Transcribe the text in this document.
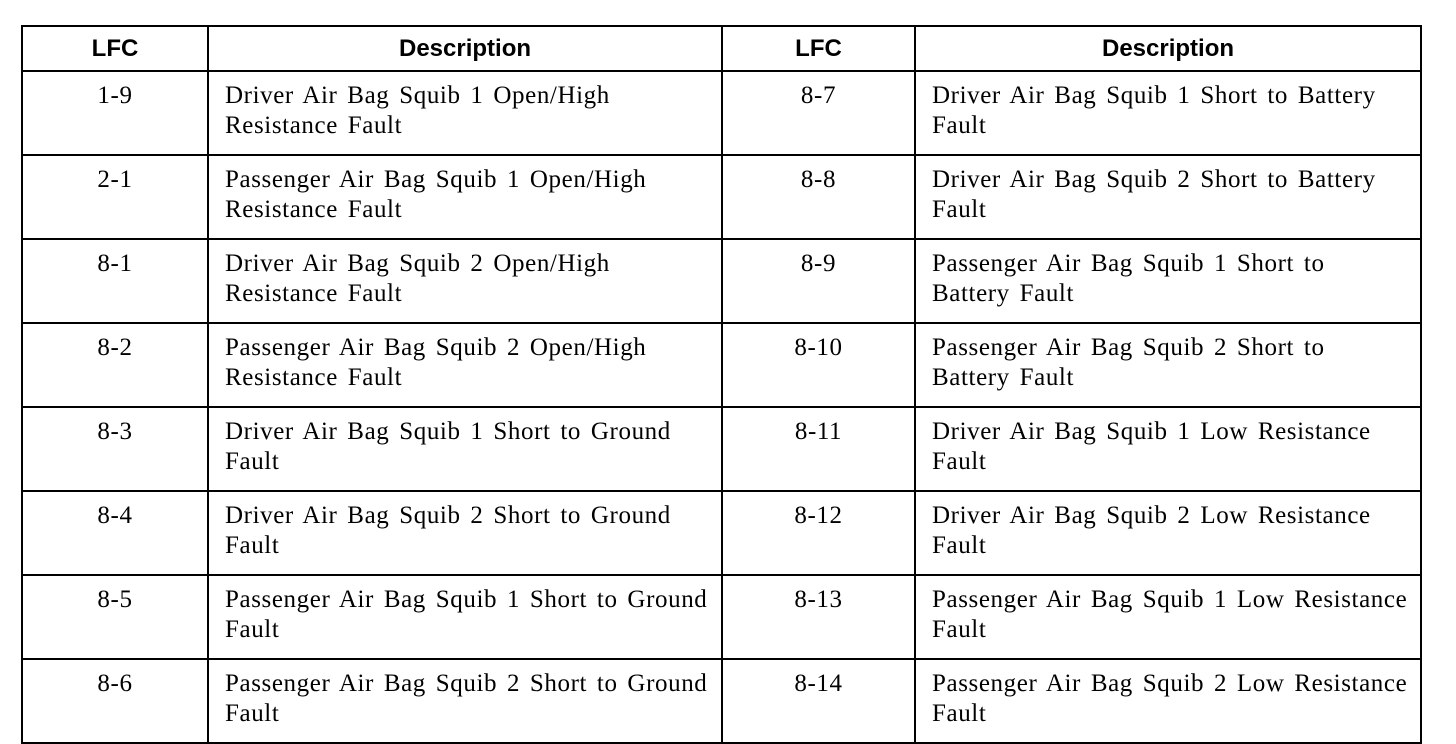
LFC	Description	LFC	Description
1-9	Driver Air Bag Squib 1 Open/High Resistance Fault	8-7	Driver Air Bag Squib 1 Short to Battery Fault
2-1	Passenger Air Bag Squib 1 Open/High Resistance Fault	8-8	Driver Air Bag Squib 2 Short to Battery Fault
8-1	Driver Air Bag Squib 2 Open/High Resistance Fault	8-9	Passenger Air Bag Squib 1 Short to Battery Fault
8-2	Passenger Air Bag Squib 2 Open/High Resistance Fault	8-10	Passenger Air Bag Squib 2 Short to Battery Fault
8-3	Driver Air Bag Squib 1 Short to Ground Fault	8-11	Driver Air Bag Squib 1 Low Resistance Fault
8-4	Driver Air Bag Squib 2 Short to Ground Fault	8-12	Driver Air Bag Squib 2 Low Resistance Fault
8-5	Passenger Air Bag Squib 1 Short to Ground Fault	8-13	Passenger Air Bag Squib 1 Low Resistance Fault
8-6	Passenger Air Bag Squib 2 Short to Ground Fault	8-14	Passenger Air Bag Squib 2 Low Resistance Fault
